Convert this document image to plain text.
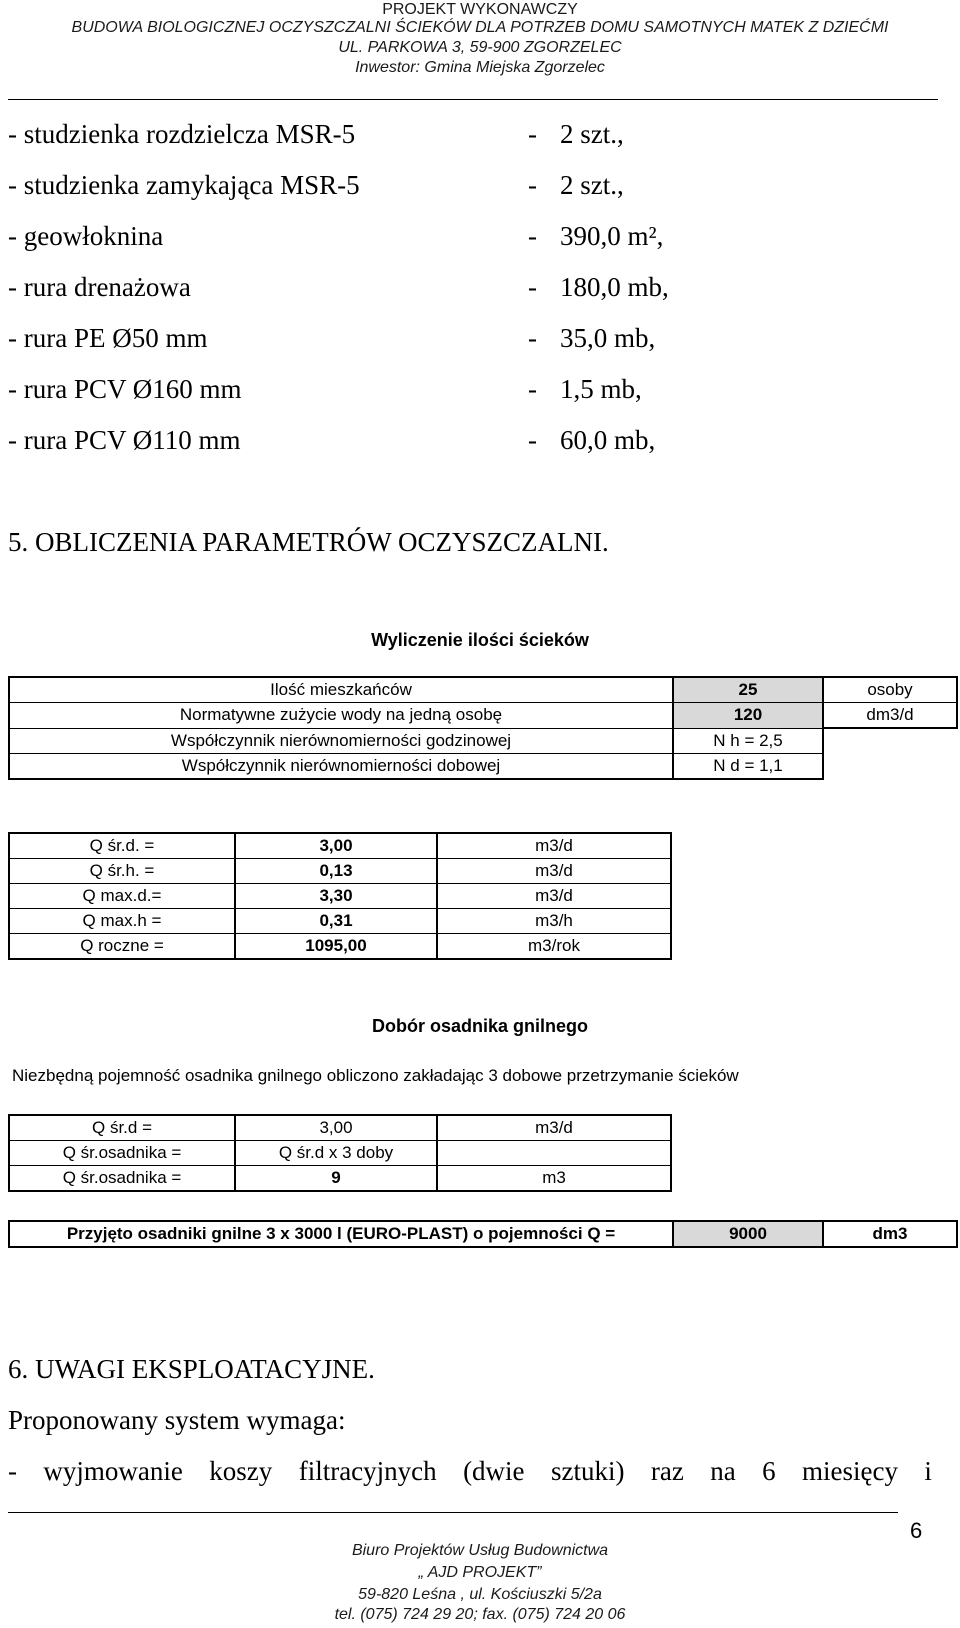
PROJEKT WYKONAWCZY
BUDOWA BIOLOGICZNEJ OCZYSZCZALNI ŚCIEKÓW DLA POTRZEB DOMU SAMOTNYCH MATEK Z DZIEĆMI
UL. PARKOWA 3, 59-900 ZGORZELEC
Inwestor: Gmina Miejska Zgorzelec
- studzienka rozdzielcza MSR-5	- 2 szt.,
- studzienka zamykająca MSR-5	- 2 szt.,
- geowłoknina	- 390,0 m²,
- rura drenażowa	- 180,0 mb,
- rura PE Ø50 mm	- 35,0 mb,
- rura PCV Ø160 mm	- 1,5 mb,
- rura PCV Ø110 mm	- 60,0 mb,
5. OBLICZENIA PARAMETRÓW OCZYSZCZALNI.
Wyliczenie ilości ścieków
Ilość mieszkańców	25	osoby
Normatywne zużycie wody na jedną osobę	120	dm3/d
Współczynnik nierównomierności godzinowej	N h = 2,5	
Współczynnik nierównomierności dobowej	N d = 1,1	
Q śr.d. =	3,00	m3/d
Q śr.h. =	0,13	m3/d
Q max.d.=	3,30	m3/d
Q max.h =	0,31	m3/h
Q roczne =	1095,00	m3/rok
Dobór osadnika gnilnego
Niezbędną pojemność osadnika gnilnego obliczono zakładając 3 dobowe przetrzymanie ścieków
Q śr.d =	3,00	m3/d
Q śr.osadnika =	Q śr.d x 3 doby	
Q śr.osadnika =	9	m3
Przyjęto osadniki gnilne 3 x 3000 l (EURO-PLAST) o pojemności Q =	9000	dm3
6. UWAGI EKSPLOATACYJNE.
Proponowany system wymaga:
- wyjmowanie koszy filtracyjnych (dwie sztuki) raz na 6 miesięcy i
6
Biuro Projektów Usług Budownictwa
„ AJD PROJEKT”
59-820 Leśna , ul. Kościuszki 5/2a
tel. (075) 724 29 20; fax. (075) 724 20 06
